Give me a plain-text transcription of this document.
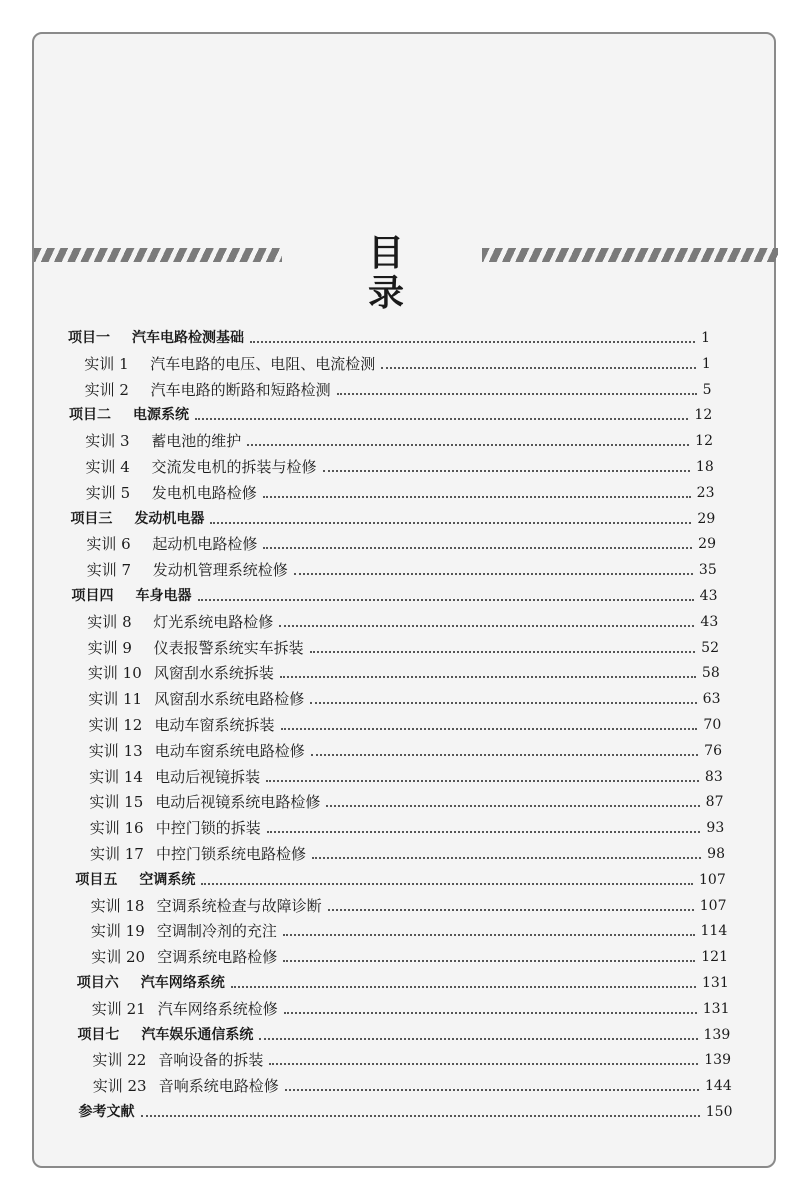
目 录
项目一 汽车电路检测基础	1
实训 1 汽车电路的电压、电阻、电流检测	1
实训 2 汽车电路的断路和短路检测	5
项目二 电源系统	12
实训 3 蓄电池的维护	12
实训 4 交流发电机的拆装与检修	18
实训 5 发电机电路检修	23
项目三 发动机电器	29
实训 6 起动机电路检修	29
实训 7 发动机管理系统检修	35
项目四 车身电器	43
实训 8 灯光系统电路检修	43
实训 9 仪表报警系统实车拆装	52
实训 10 风窗刮水系统拆装	58
实训 11 风窗刮水系统电路检修	63
实训 12 电动车窗系统拆装	70
实训 13 电动车窗系统电路检修	76
实训 14 电动后视镜拆装	83
实训 15 电动后视镜系统电路检修	87
实训 16 中控门锁的拆装	93
实训 17 中控门锁系统电路检修	98
项目五 空调系统	107
实训 18 空调系统检查与故障诊断	107
实训 19 空调制冷剂的充注	114
实训 20 空调系统电路检修	121
项目六 汽车网络系统	131
实训 21 汽车网络系统检修	131
项目七 汽车娱乐通信系统	139
实训 22 音响设备的拆装	139
实训 23 音响系统电路检修	144
参考文献	150
